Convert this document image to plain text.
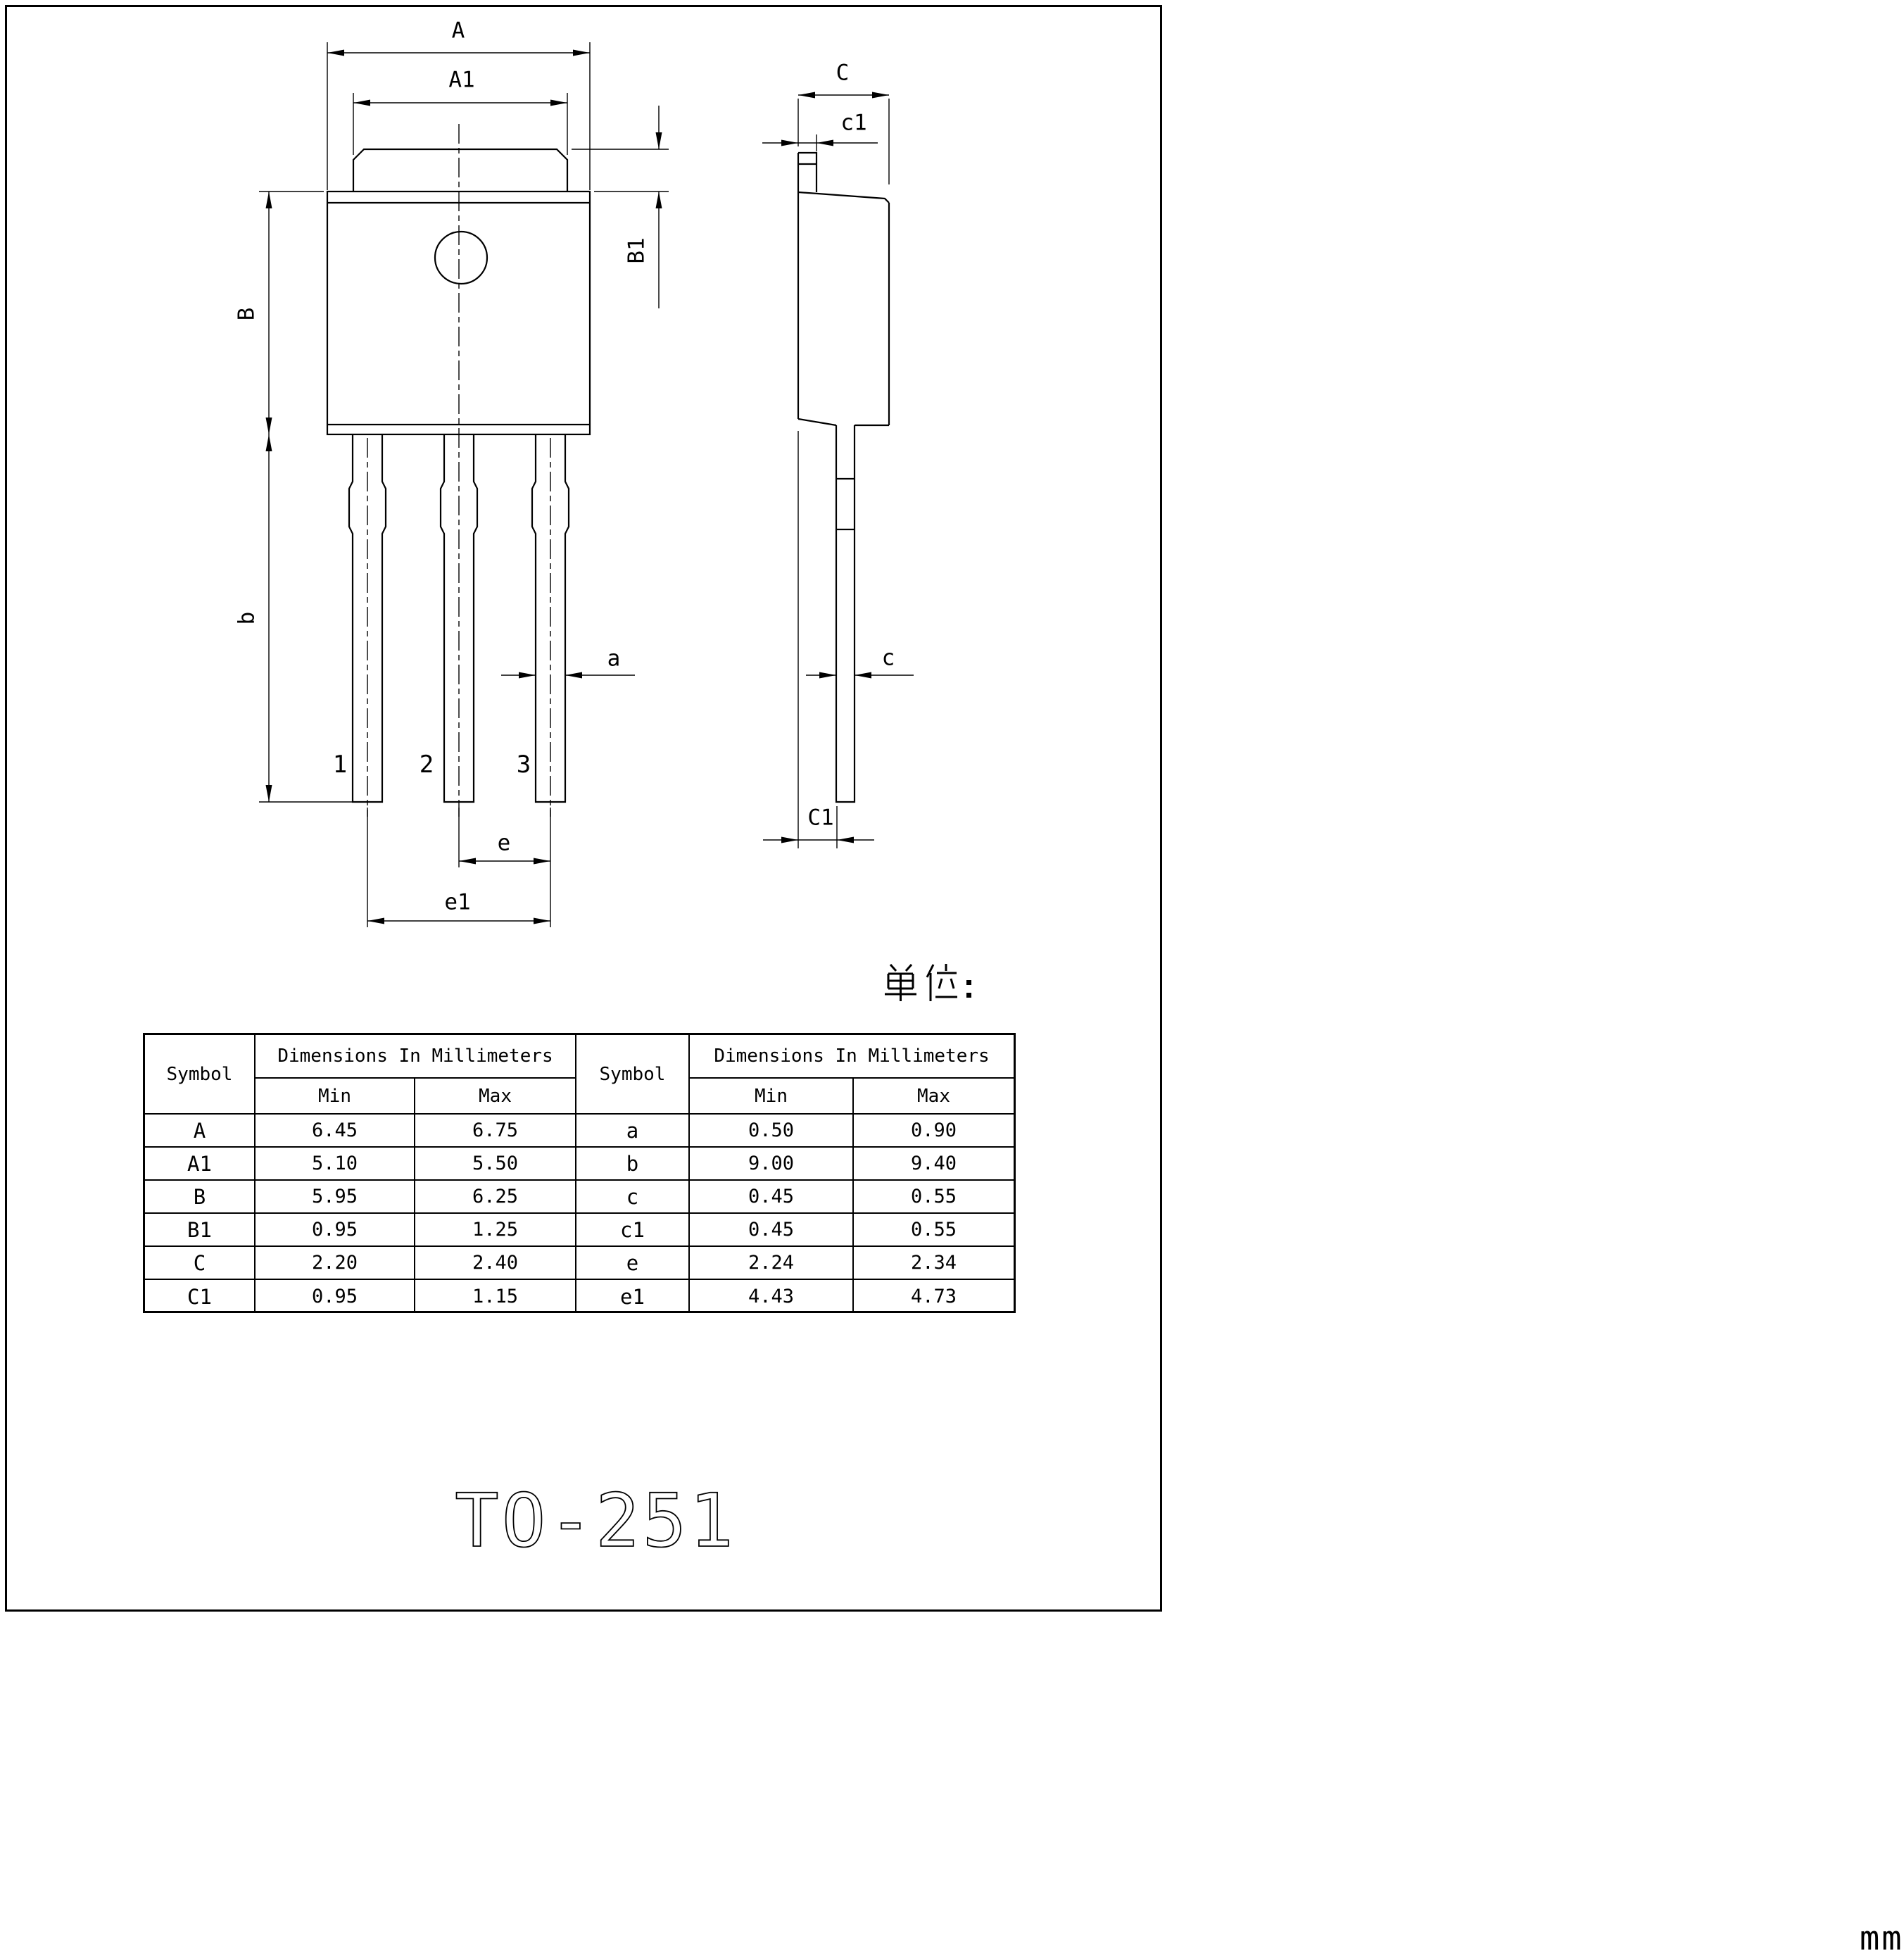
TO-251
A
A1
B1
B
b
a
e
e1
1	2	3
C
c1
c
C1
mm
Symbol
Dimensions In Millimeters
Min	Max
Symbol
Dimensions In Millimeters
Min	Max
A	6.45	6.75	a	0.50	0.90
A1	5.10	5.50	b	9.00	9.40
B	5.95	6.25	c	0.45	0.55
B1	0.95	1.25	c1	0.45	0.55
C	2.20	2.40	e	2.24	2.34
C1	0.95	1.15	e1	4.43	4.73
